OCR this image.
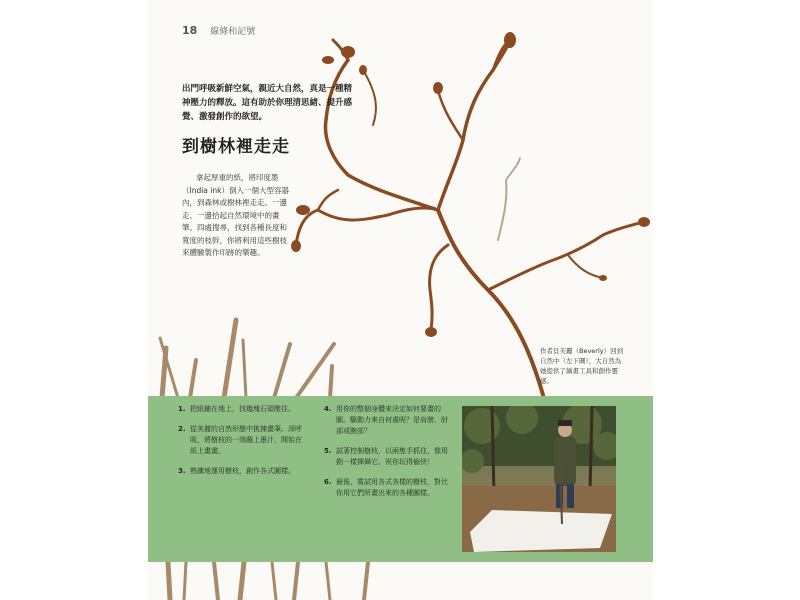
18 線條和記號
出門呼吸新鮮空氣，親近大自然，真是一種精神壓力的釋放。這有助於你理清思緒、提升感覺、激發創作的欲望。
到樹林裡走走
拿起厚重的紙，將印度墨（India ink）倒入一個大型容器內，到森林或樹林裡走走。一邊走、一邊拾起自然環境中的畫筆。四處搜尋，找到各種長度和寬度的枝幹，你將利用這些樹枝來體驗製作印跡的樂趣。
作者貝芙麗（Beverly）回到自然中（左下圖），大自然為她提供了繪畫工具和創作靈感。
1. 把紙鋪在地上，找幾塊石頭壓住。
2. 從美麗的自然形態中挑揀畫筆。深呼吸，將樹枝的一端蘸上墨汁，開始在紙上畫畫。
3. 熟練地運用樹枝，創作各式圖樣。
4. 用你的整個身體來決定如何要畫的圖。驅動力來自何處呢？是肩膀、肘部或腕部？
5. 試著控制樹枝，以兩隻手抓住，像用劍一樣揮舞它。祝你玩得愉快！
6. 最後，嘗試用各式各樣的樹枝，對比你用它們所畫出來的各種圖樣。
